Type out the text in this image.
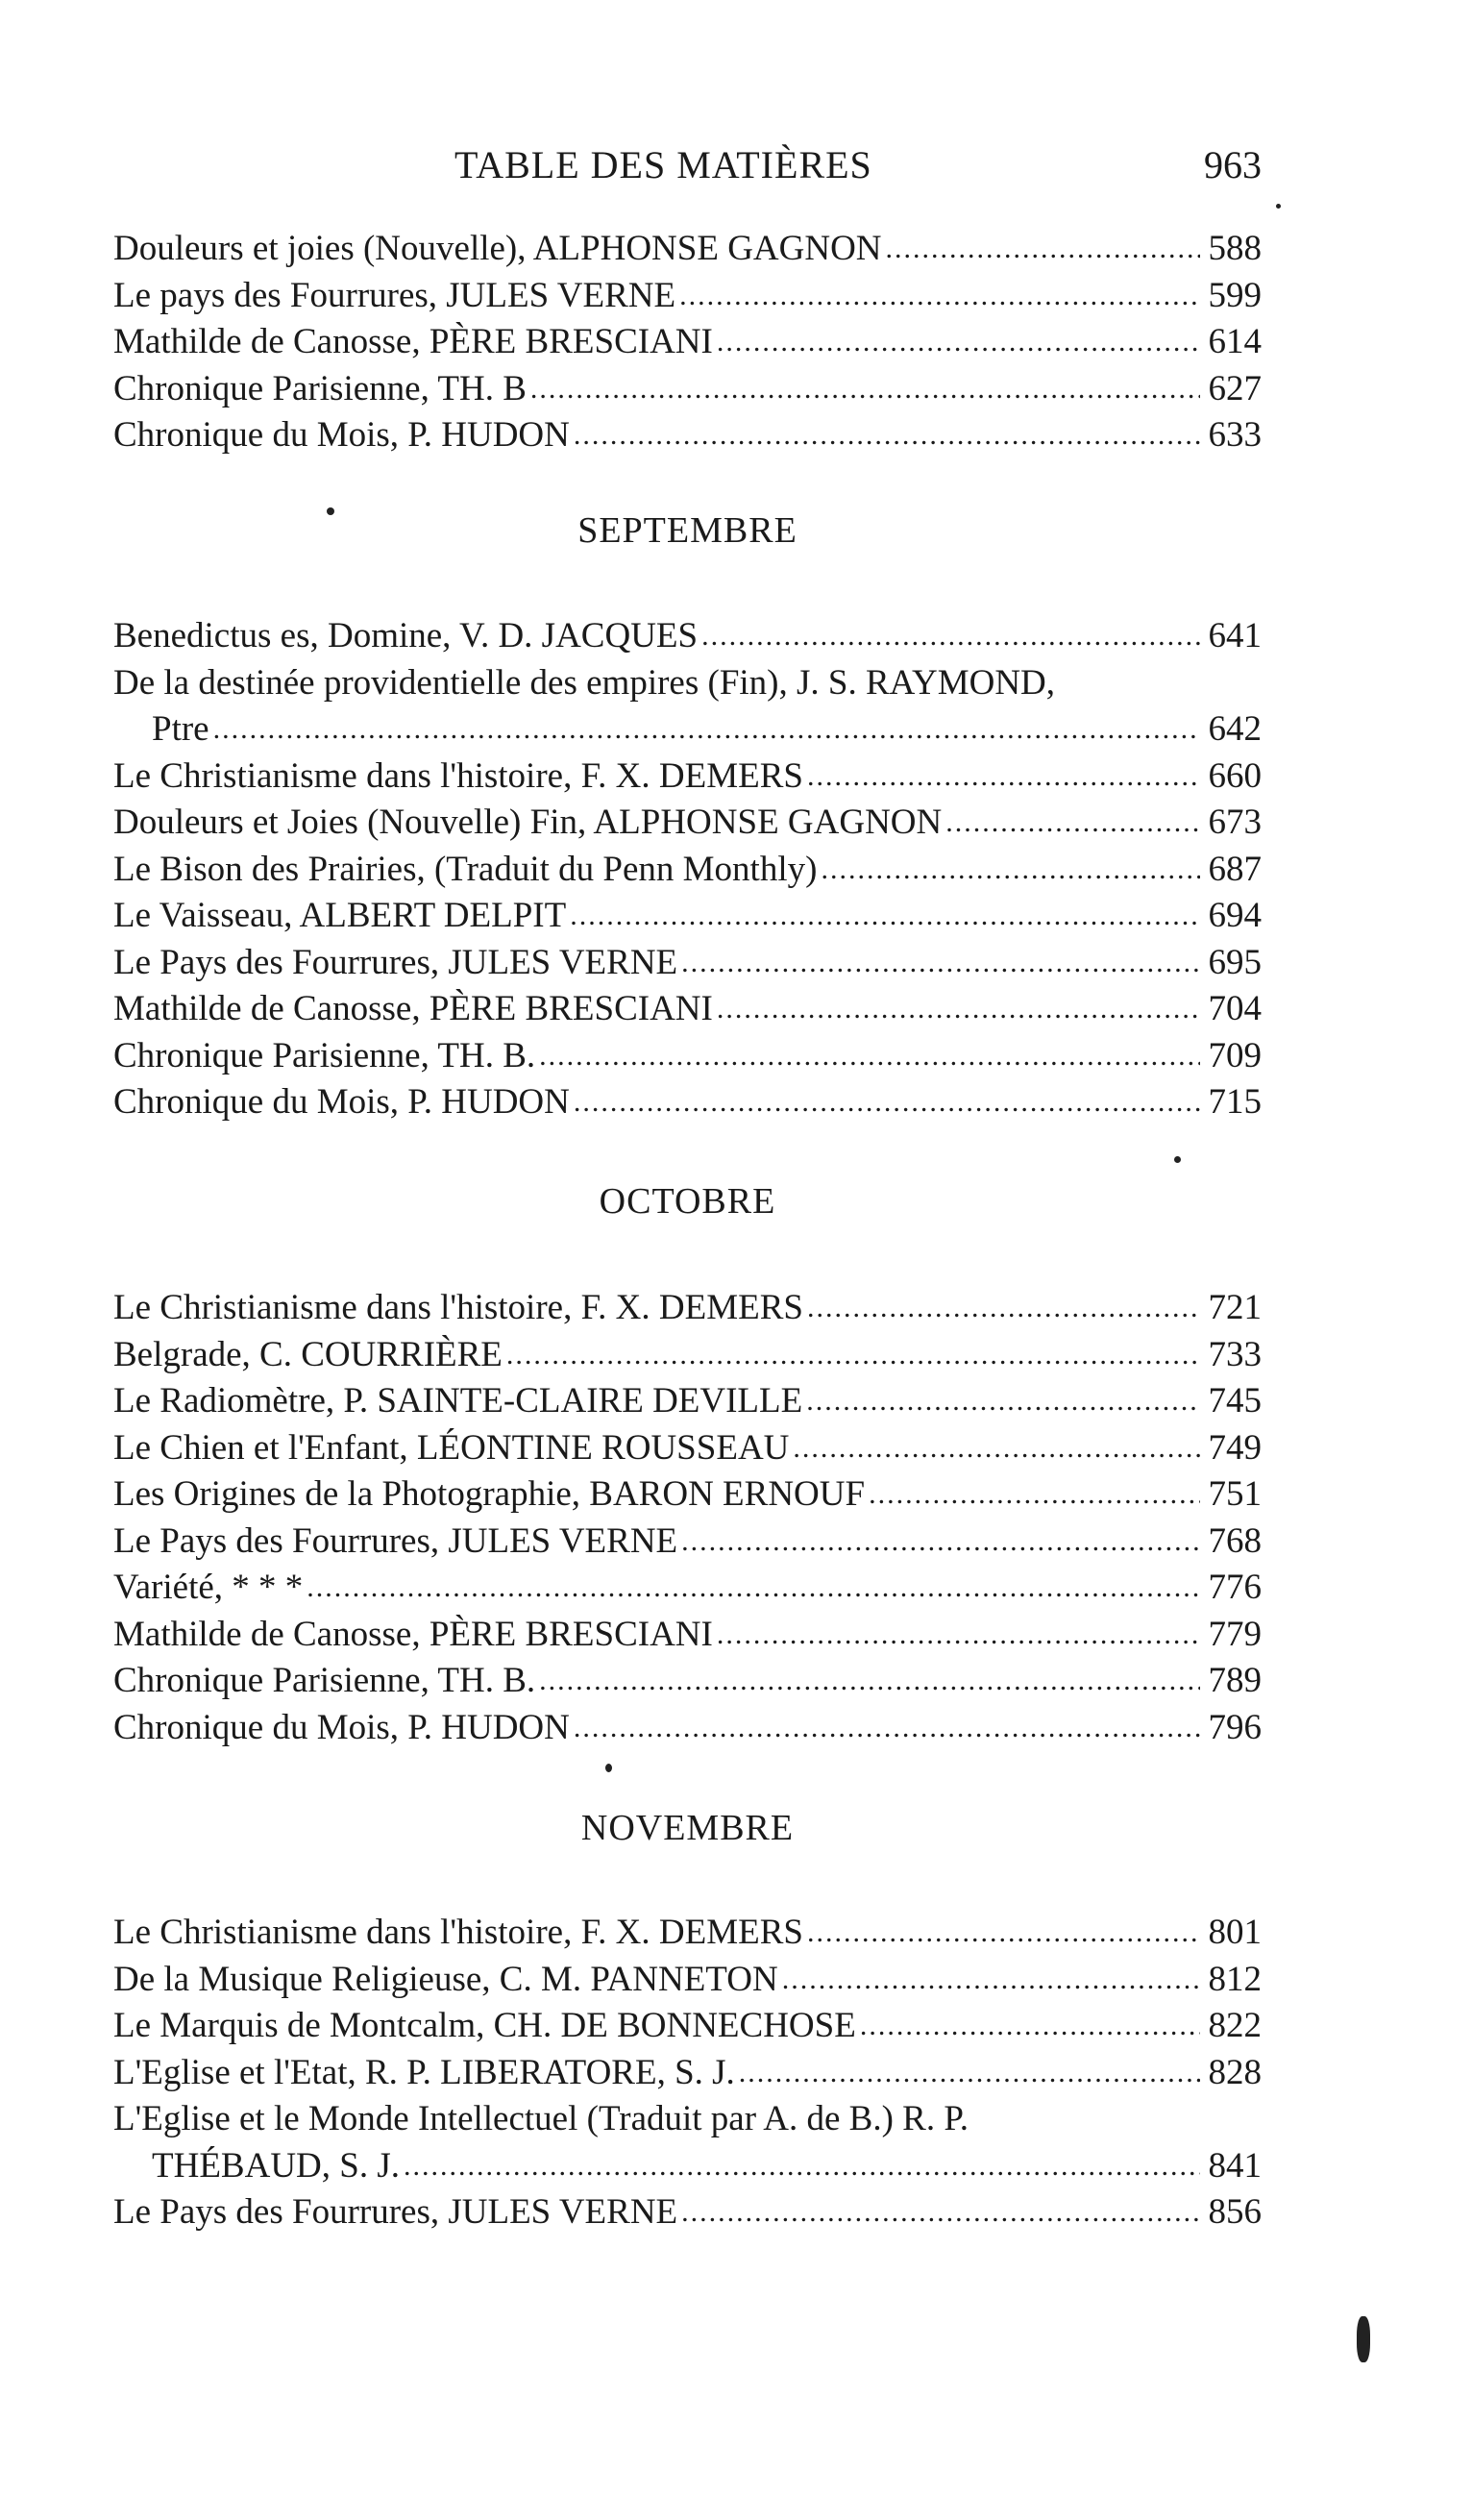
TABLE DES MATIÈRES	963
Douleurs et joies (Nouvelle), ALPHONSE GAGNON .....	588
Le pays des Fourrures, JULES VERNE .....	599
Mathilde de Canosse, PÈRE BRESCIANI .....	614
Chronique Parisienne, TH. B .....	627
Chronique du Mois, P. HUDON .....	633
SEPTEMBRE
Benedictus es, Domine, V. D. JACQUES .....	641
De la destinée providentielle des empires (Fin), J. S. RAYMOND,
Ptre .....	642
Le Christianisme dans l'histoire, F. X. DEMERS .....	660
Douleurs et Joies (Nouvelle) Fin, ALPHONSE GAGNON .....	673
Le Bison des Prairies, (Traduit du Penn Monthly) .....	687
Le Vaisseau, ALBERT DELPIT .....	694
Le Pays des Fourrures, JULES VERNE .....	695
Mathilde de Canosse, PÈRE BRESCIANI .....	704
Chronique Parisienne, TH. B. .....	709
Chronique du Mois, P. HUDON .....	715
OCTOBRE
Le Christianisme dans l'histoire, F. X. DEMERS .....	721
Belgrade, C. COURRIÈRE .....	733
Le Radiomètre, P. SAINTE-CLAIRE DEVILLE .....	745
Le Chien et l'Enfant, LÉONTINE ROUSSEAU .....	749
Les Origines de la Photographie, BARON ERNOUF .....	751
Le Pays des Fourrures, JULES VERNE .....	768
Variété, * * * .....	776
Mathilde de Canosse, PÈRE BRESCIANI .....	779
Chronique Parisienne, TH. B. .....	789
Chronique du Mois, P. HUDON .....	796
NOVEMBRE
Le Christianisme dans l'histoire, F. X. DEMERS .....	801
De la Musique Religieuse, C. M. PANNETON .....	812
Le Marquis de Montcalm, CH. DE BONNECHOSE .....	822
L'Eglise et l'Etat, R. P. LIBERATORE, S. J. .....	828
L'Eglise et le Monde Intellectuel (Traduit par A. de B.) R. P.
THÉBAUD, S. J. .....	841
Le Pays des Fourrures, JULES VERNE .....	856
